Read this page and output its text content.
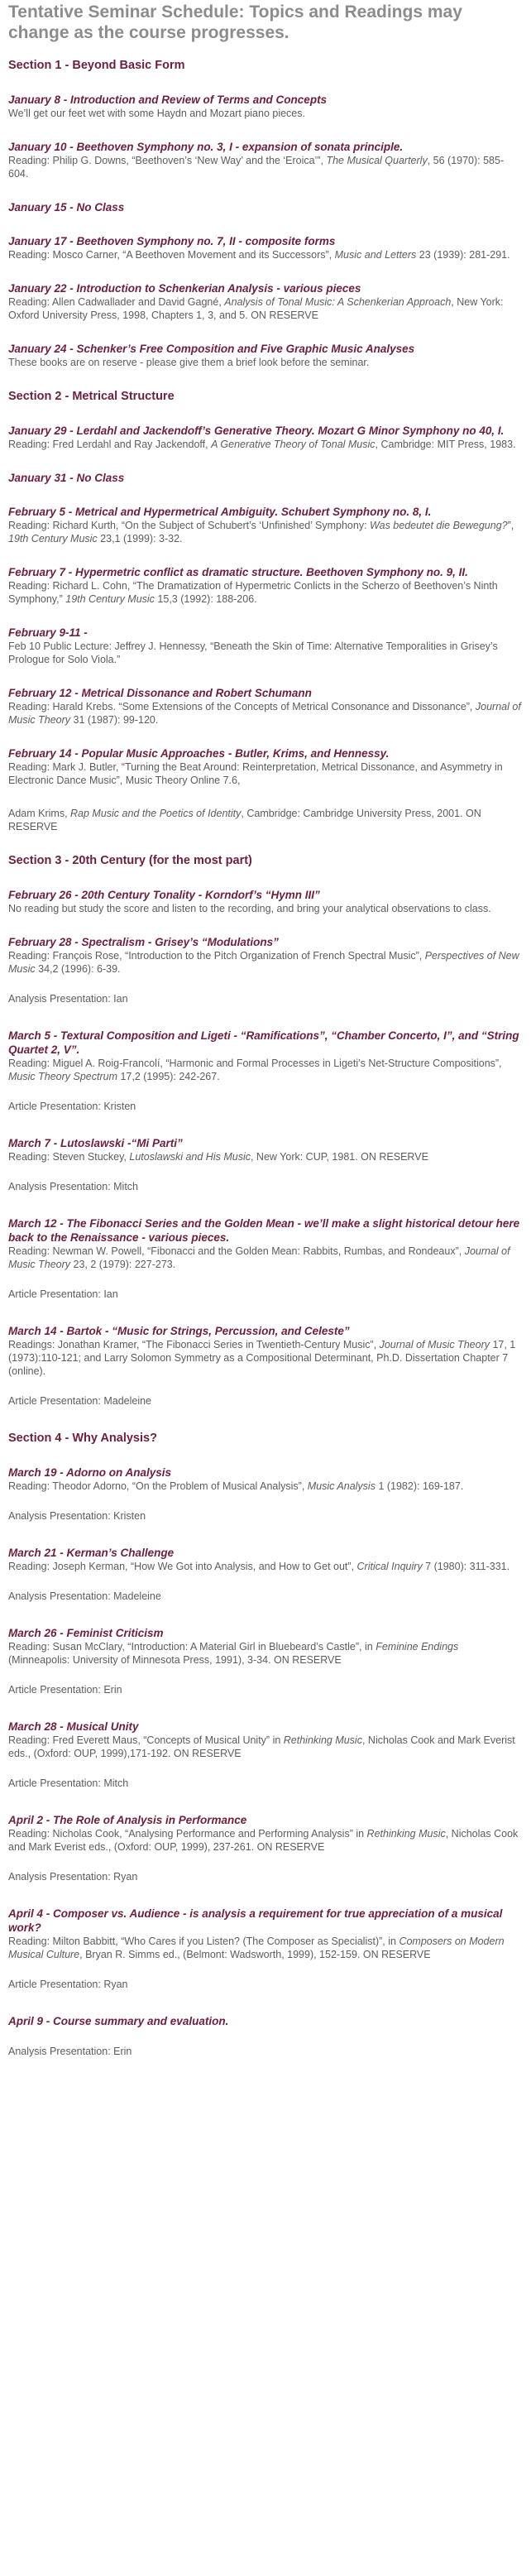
Tentative Seminar Schedule: Topics and Readings may change as the course progresses.
Section 1 - Beyond Basic Form
January 8 - Introduction and Review of Terms and Concepts
We’ll get our feet wet with some Haydn and Mozart piano pieces.
January 10 - Beethoven Symphony no. 3, I - expansion of sonata principle.
Reading: Philip G. Downs, “Beethoven’s ‘New Way’ and the ‘Eroica’”, The Musical Quarterly, 56 (1970): 585-604.
January 15 - No Class
January 17 - Beethoven Symphony no. 7, II - composite forms
Reading: Mosco Carner, “A Beethoven Movement and its Successors”, Music and Letters 23 (1939): 281-291.
January 22 - Introduction to Schenkerian Analysis - various pieces
Reading: Allen Cadwallader and David Gagné, Analysis of Tonal Music: A Schenkerian Approach, New York: Oxford University Press, 1998, Chapters 1, 3, and 5. ON RESERVE
January 24 - Schenker’s Free Composition and Five Graphic Music Analyses
These books are on reserve - please give them a brief look before the seminar.
Section 2 - Metrical Structure
January 29 - Lerdahl and Jackendoff’s Generative Theory. Mozart G Minor Symphony no 40, I.
Reading: Fred Lerdahl and Ray Jackendoff, A Generative Theory of Tonal Music, Cambridge: MIT Press, 1983.
January 31 - No Class
February 5 - Metrical and Hypermetrical Ambiguity. Schubert Symphony no. 8, I.
Reading: Richard Kurth, “On the Subject of Schubert’s ‘Unfinished’ Symphony: Was bedeutet die Bewegung?”, 19th Century Music 23,1 (1999): 3-32.
February 7 - Hypermetric conflict as dramatic structure. Beethoven Symphony no. 9, II.
Reading: Richard L. Cohn, “The Dramatization of Hypermetric Conlicts in the Scherzo of Beethoven’s Ninth Symphony,” 19th Century Music 15,3 (1992): 188-206.
February 9-11 -
Feb 10 Public Lecture: Jeffrey J. Hennessy, “Beneath the Skin of Time: Alternative Temporalities in Grisey’s Prologue for Solo Viola.”
February 12 - Metrical Dissonance and Robert Schumann
Reading: Harald Krebs. “Some Extensions of the Concepts of Metrical Consonance and Dissonance”, Journal of Music Theory 31 (1987): 99-120.
February 14 - Popular Music Approaches - Butler, Krims, and Hennessy.
Reading: Mark J. Butler, “Turning the Beat Around: Reinterpretation, Metrical Dissonance, and Asymmetry in Electronic Dance Music”, Music Theory Online 7.6,
Adam Krims, Rap Music and the Poetics of Identity, Cambridge: Cambridge University Press, 2001. ON RESERVE
Section 3 - 20th Century (for the most part)
February 26 - 20th Century Tonality - Korndorf’s “Hymn III”
No reading but study the score and listen to the recording, and bring your analytical observations to class.
February 28 - Spectralism - Grisey’s “Modulations”
Reading: François Rose, “Introduction to the Pitch Organization of French Spectral Music”, Perspectives of New Music 34,2 (1996): 6-39.
Analysis Presentation: Ian
March 5 - Textural Composition and Ligeti - “Ramifications”, “Chamber Concerto, I”, and “String Quartet 2, V”.
Reading: Miguel A. Roig-Francolí, “Harmonic and Formal Processes in Ligeti’s Net-Structure Compositions”, Music Theory Spectrum 17,2 (1995): 242-267.
Article Presentation: Kristen
March 7 - Lutoslawski -“Mi Parti”
Reading: Steven Stuckey, Lutoslawski and His Music, New York: CUP, 1981. ON RESERVE
Analysis Presentation: Mitch
March 12 - The Fibonacci Series and the Golden Mean - we’ll make a slight historical detour here back to the Renaissance - various pieces.
Reading: Newman W. Powell, “Fibonacci and the Golden Mean: Rabbits, Rumbas, and Rondeaux”, Journal of Music Theory 23, 2 (1979): 227-273.
Article Presentation: Ian
March 14 - Bartok - “Music for Strings, Percussion, and Celeste”
Readings: Jonathan Kramer, “The Fibonacci Series in Twentieth-Century Music”, Journal of Music Theory 17, 1 (1973):110-121; and Larry Solomon Symmetry as a Compositional Determinant, Ph.D. Dissertation Chapter 7 (online).
Article Presentation: Madeleine
Section 4 - Why Analysis?
March 19 - Adorno on Analysis
Reading: Theodor Adorno, “On the Problem of Musical Analysis”, Music Analysis 1 (1982): 169-187.
Analysis Presentation: Kristen
March 21 - Kerman’s Challenge
Reading: Joseph Kerman, “How We Got into Analysis, and How to Get out”, Critical Inquiry 7 (1980): 311-331.
Analysis Presentation: Madeleine
March 26 - Feminist Criticism
Reading: Susan McClary, “Introduction: A Material Girl in Bluebeard’s Castle”, in Feminine Endings (Minneapolis: University of Minnesota Press, 1991), 3-34. ON RESERVE
Article Presentation: Erin
March 28 - Musical Unity
Reading: Fred Everett Maus, “Concepts of Musical Unity” in Rethinking Music, Nicholas Cook and Mark Everist eds., (Oxford: OUP, 1999),171-192. ON RESERVE
Article Presentation: Mitch
April 2 - The Role of Analysis in Performance
Reading: Nicholas Cook, “Analysing Performance and Performing Analysis” in Rethinking Music, Nicholas Cook and Mark Everist eds., (Oxford: OUP, 1999), 237-261. ON RESERVE
Analysis Presentation: Ryan
April 4 - Composer vs. Audience - is analysis a requirement for true appreciation of a musical work?
Reading: Milton Babbitt, “Who Cares if you Listen? (The Composer as Specialist)”, in Composers on Modern Musical Culture, Bryan R. Simms ed., (Belmont: Wadsworth, 1999), 152-159. ON RESERVE
Article Presentation: Ryan
April 9 - Course summary and evaluation.
Analysis Presentation: Erin
